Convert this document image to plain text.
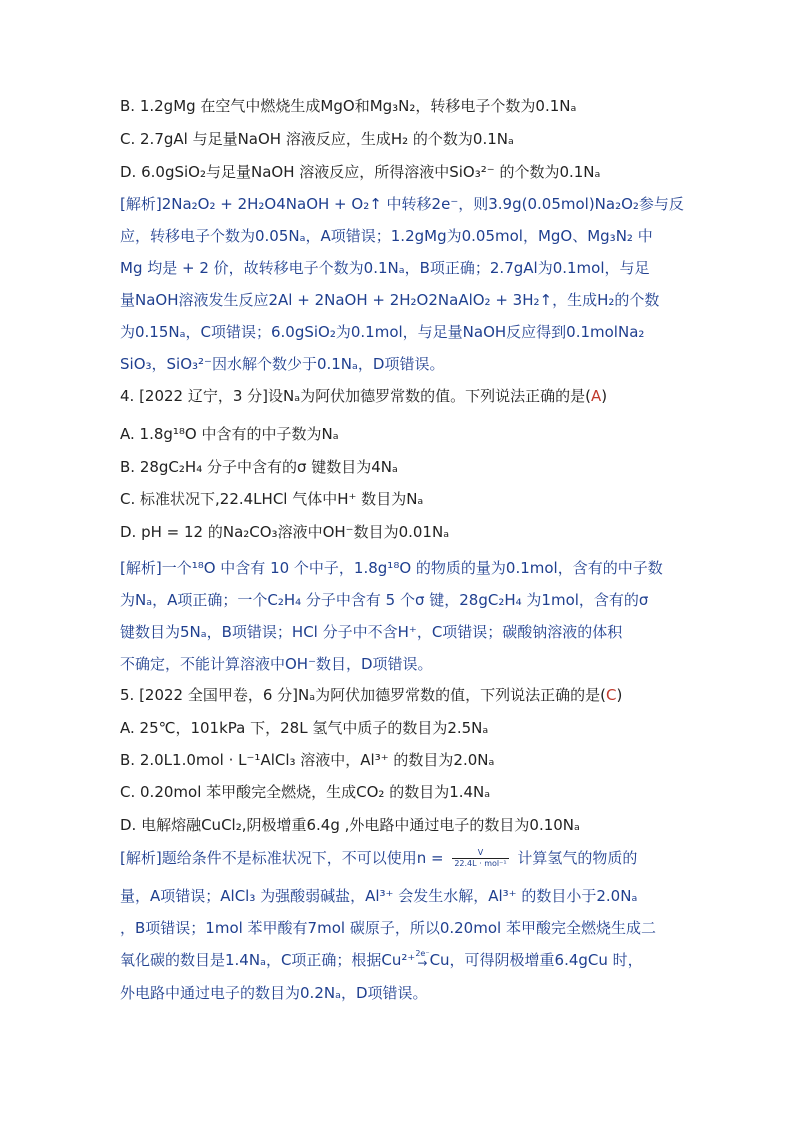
B. 1.2gMg 在空气中燃烧生成MgO和Mg₃N₂，转移电子个数为0.1Nₐ
C. 2.7gAl 与足量NaOH 溶液反应，生成H₂ 的个数为0.1Nₐ
D. 6.0gSiO₂与足量NaOH 溶液反应，所得溶液中SiO₃²⁻ 的个数为0.1Nₐ
[解析]2Na₂O₂ + 2H₂O4NaOH + O₂↑ 中转移2e⁻，则3.9g(0.05mol)Na₂O₂参与反
应，转移电子个数为0.05Nₐ，A项错误；1.2gMg为0.05mol，MgO、Mg₃N₂ 中
Mg 均是 + 2 价，故转移电子个数为0.1Nₐ，B项正确；2.7gAl为0.1mol，与足
量NaOH溶液发生反应2Al + 2NaOH + 2H₂O2NaAlO₂ + 3H₂↑，生成H₂的个数
为0.15Nₐ，C项错误；6.0gSiO₂为0.1mol，与足量NaOH反应得到0.1molNa₂
SiO₃，SiO₃²⁻因水解个数少于0.1Nₐ，D项错误。
4. [2022 辽宁，3 分]设Nₐ为阿伏加德罗常数的值。下列说法正确的是(A)
A. 1.8g¹⁸O 中含有的中子数为Nₐ
B. 28gC₂H₄ 分子中含有的σ 键数目为4Nₐ
C. 标准状况下,22.4LHCl 气体中H⁺ 数目为Nₐ
D. pH = 12 的Na₂CO₃溶液中OH⁻数目为0.01Nₐ
[解析]一个¹⁸O 中含有 10 个中子，1.8g¹⁸O 的物质的量为0.1mol，含有的中子数
为Nₐ，A项正确；一个C₂H₄ 分子中含有 5 个σ 键，28gC₂H₄ 为1mol，含有的σ
键数目为5Nₐ，B项错误；HCl 分子中不含H⁺，C项错误；碳酸钠溶液的体积
不确定，不能计算溶液中OH⁻数目，D项错误。
5. [2022 全国甲卷，6 分]Nₐ为阿伏加德罗常数的值，下列说法正确的是(C)
A. 25℃，101kPa 下，28L 氢气中质子的数目为2.5Nₐ
B. 2.0L1.0mol · L⁻¹AlCl₃ 溶液中，Al³⁺ 的数目为2.0Nₐ
C. 0.20mol 苯甲酸完全燃烧，生成CO₂ 的数目为1.4Nₐ
D. 电解熔融CuCl₂,阴极增重6.4g ,外电路中通过电子的数目为0.10Nₐ
[解析]题给条件不是标准状况下，不可以使用$n = \frac{V}{\text{22.4L · mol⁻¹}}$ 计算氢气的物质的
量，A项错误；AlCl₃ 为强酸弱碱盐，Al³⁺ 会发生水解，Al³⁺ 的数目小于2.0Nₐ
，B项错误；1mol 苯甲酸有7mol 碳原子，所以0.20mol 苯甲酸完全燃烧生成二
氧化碳的数目是1.4Nₐ，C项正确；根据Cu²⁺ 2e⁻
→ Cu，可得阴极增重6.4gCu 时，
外电路中通过电子的数目为0.2Nₐ，D项错误。
